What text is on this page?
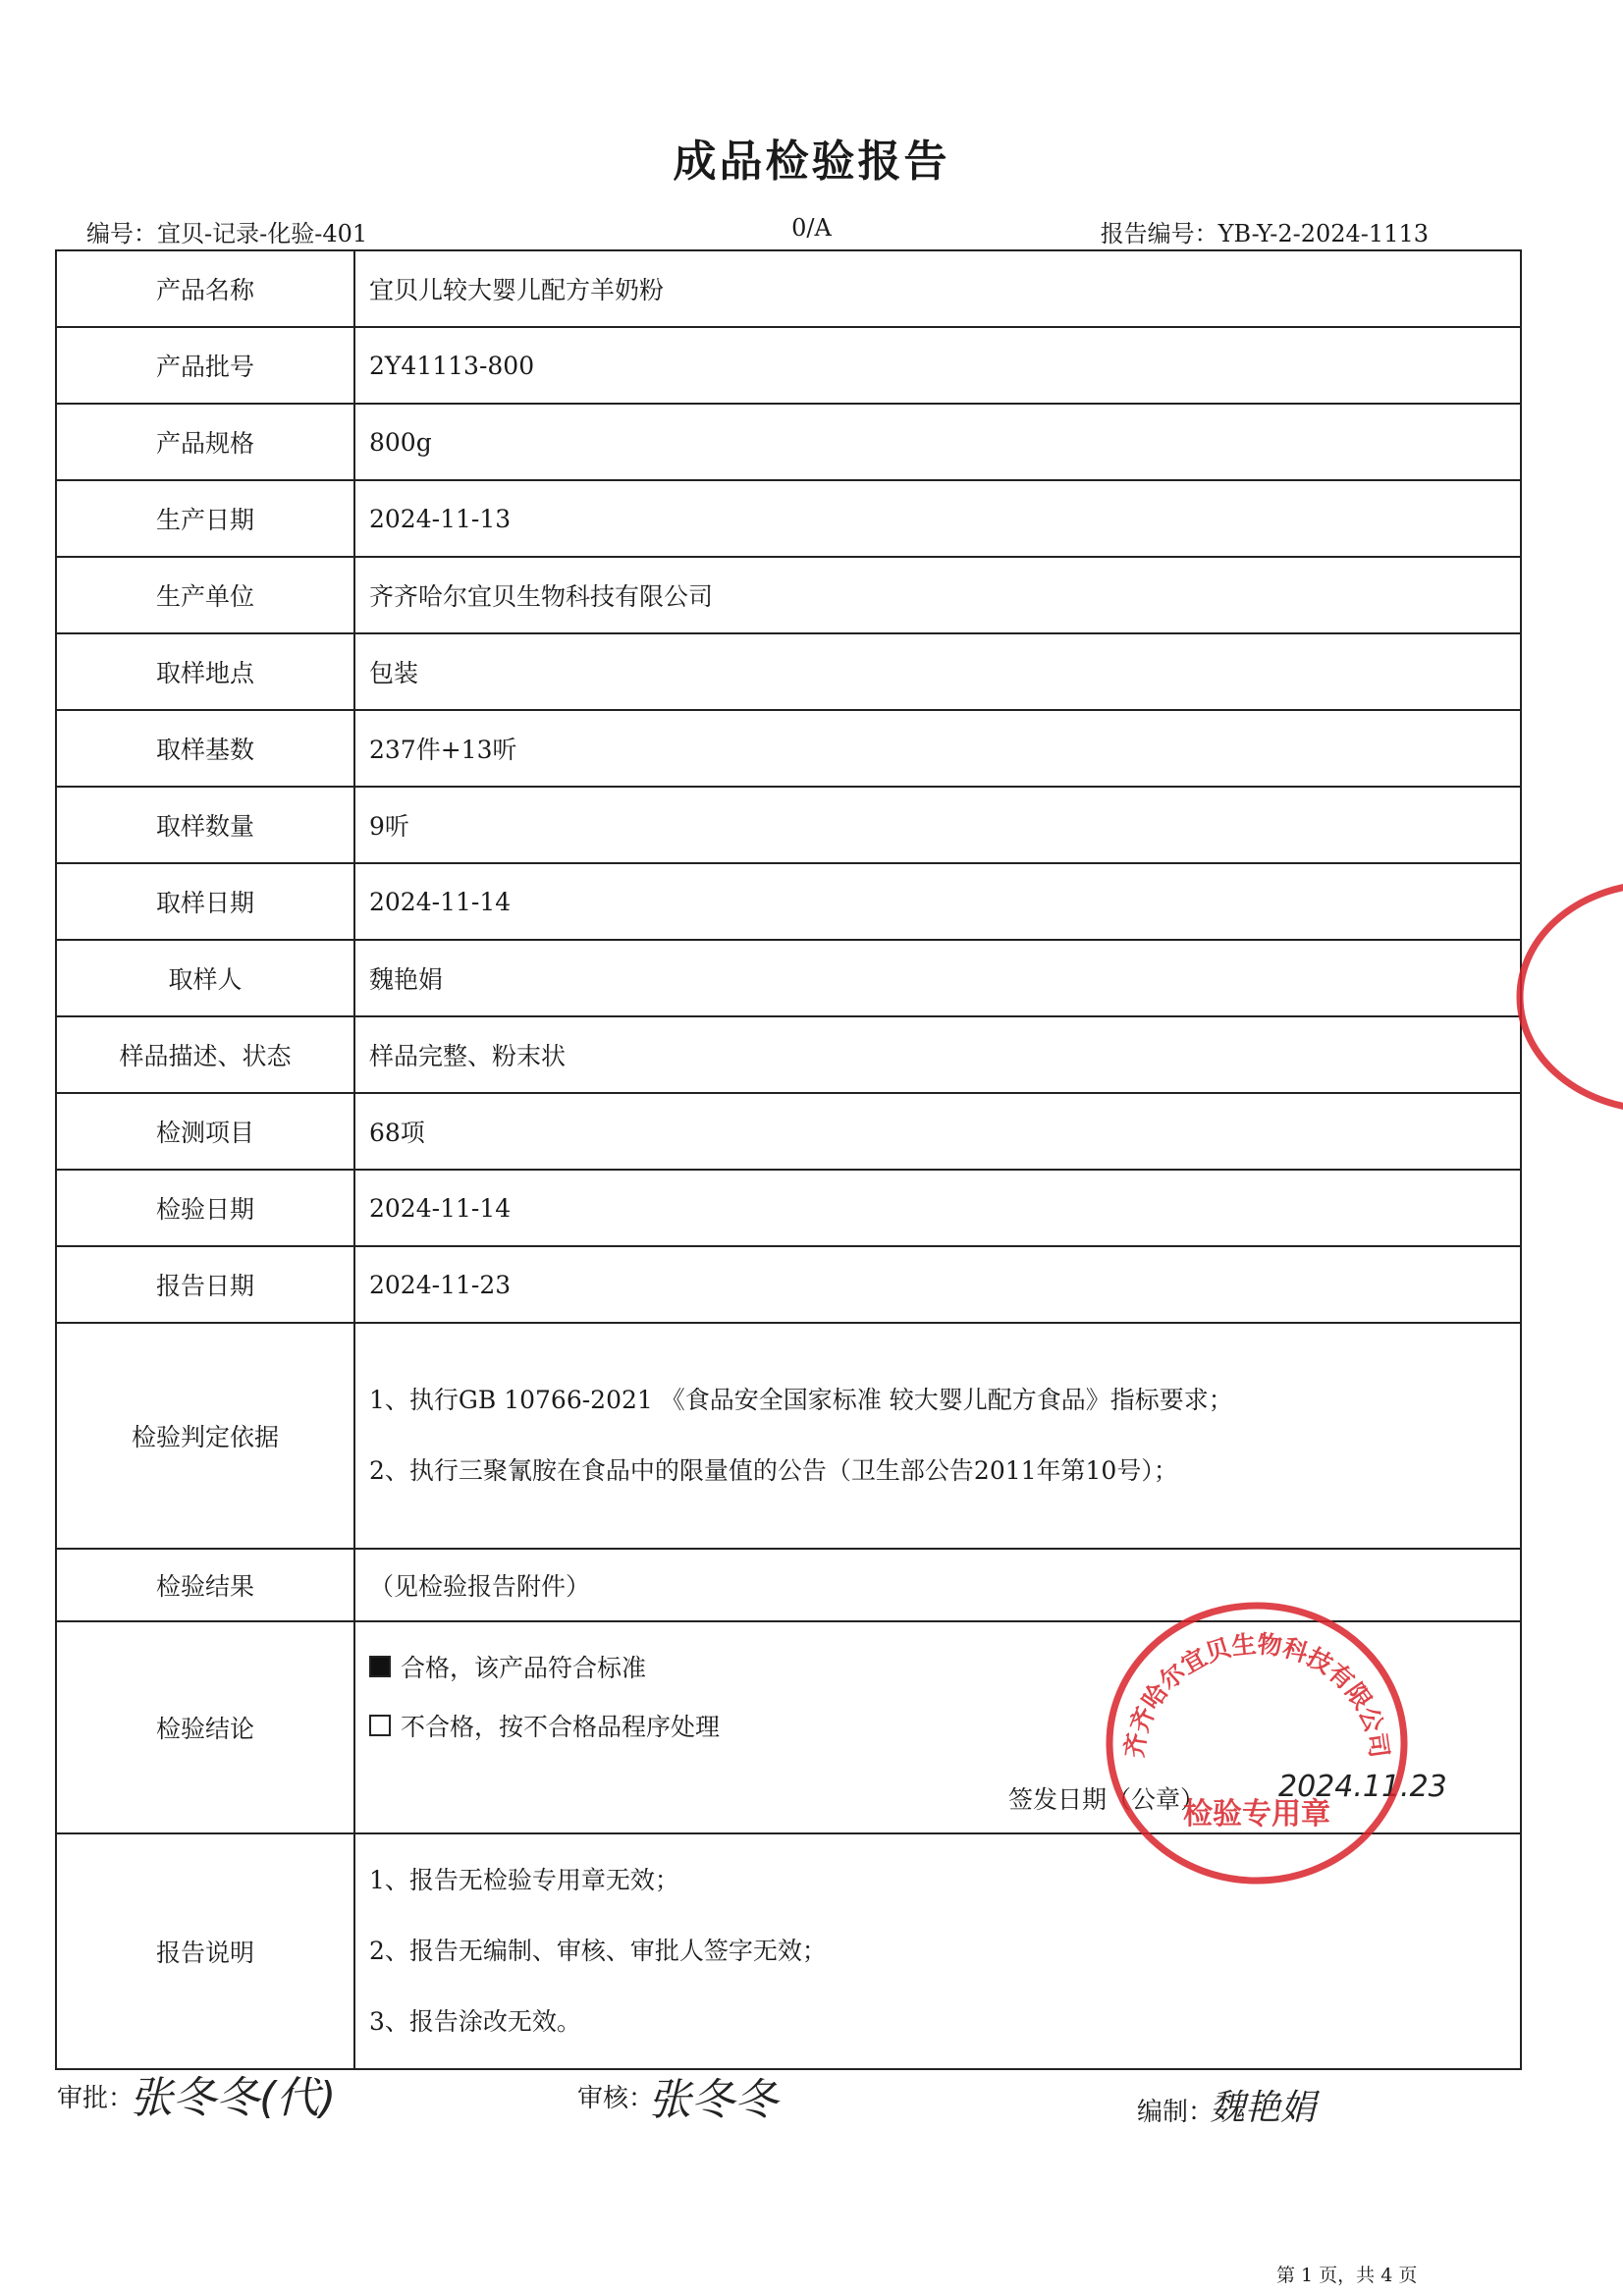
成品检验报告
编号：宜贝-记录-化验-401	0/A	报告编号：YB-Y-2-2024-1113
产品名称	宜贝儿较大婴儿配方羊奶粉
产品批号	2Y41113-800
产品规格	800g
生产日期	2024-11-13
生产单位	齐齐哈尔宜贝生物科技有限公司
取样地点	包装
取样基数	237件+13听
取样数量	9听
取样日期	2024-11-14
取样人	魏艳娟
样品描述、状态	样品完整、粉末状
检测项目	68项
检验日期	2024-11-14
报告日期	2024-11-23
检验判定依据	1、执行GB 10766-2021 《食品安全国家标准 较大婴儿配方食品》指标要求；
2、执行三聚氰胺在食品中的限量值的公告（卫生部公告2011年第10号）；

检验结果	（见检验报告附件）
检验结论	合格，该产品符合标准
不合格，按不合格品程序处理
签发日期（公章） 2024.11.23

报告说明	1、报告无检验专用章无效；
2、报告无编制、审核、审批人签字无效；
3、报告涂改无效。
齐齐哈尔宜贝生物科技有限公司
检验专用章
审批：
张冬冬(代)	审核：
张冬冬	编制：
魏艳娟
第 1 页，共 4 页
